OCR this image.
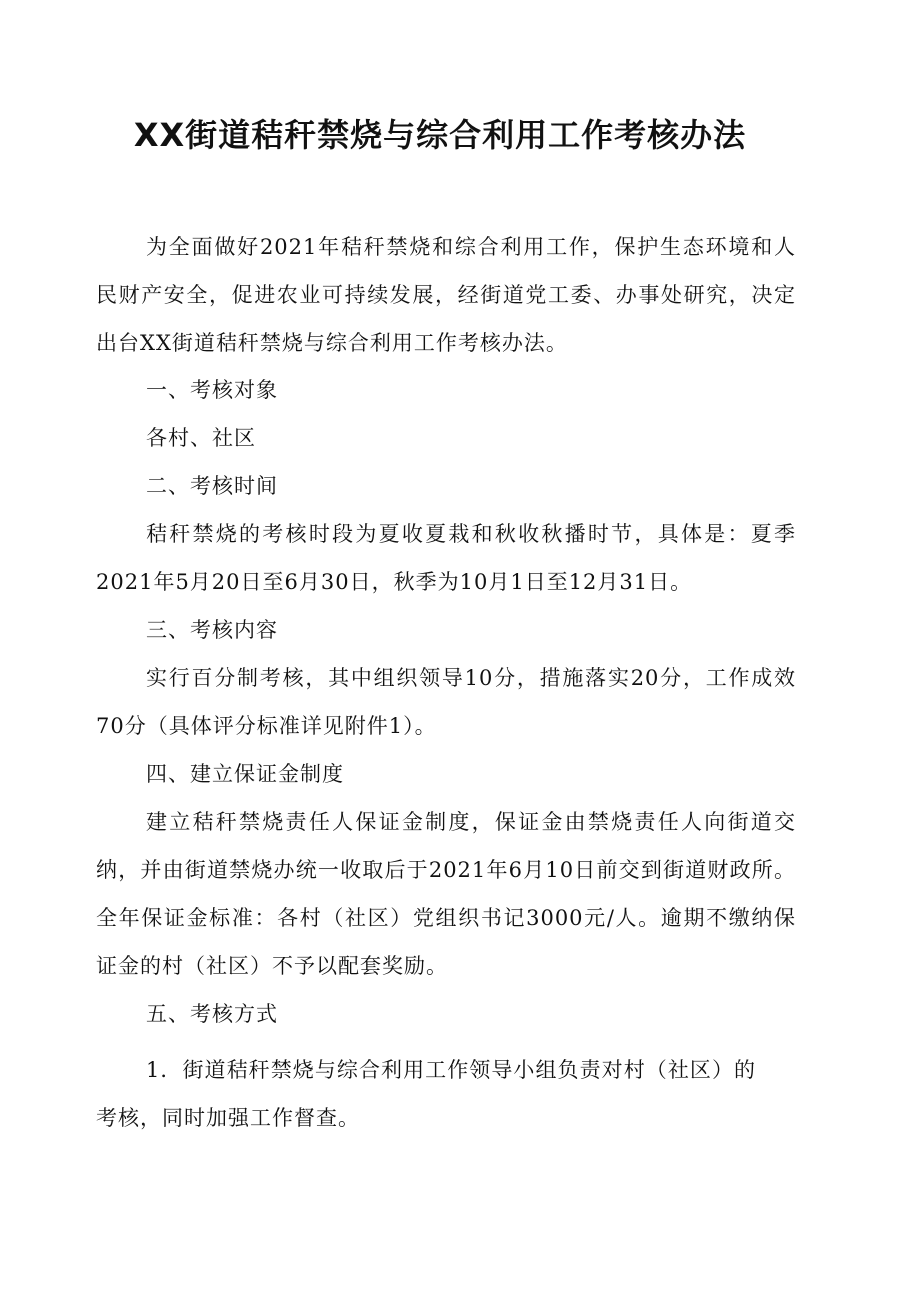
XX街道秸秆禁烧与综合利用工作考核办法

为全面做好2021年秸秆禁烧和综合利用工作，保护生态环境和人民财产安全，促进农业可持续发展，经街道党工委、办事处研究，决定出台XX街道秸秆禁烧与综合利用工作考核办法。

一、考核对象

各村、社区

二、考核时间

秸秆禁烧的考核时段为夏收夏栽和秋收秋播时节，具体是：夏季2021年5月20日至6月30日，秋季为10月1日至12月31日。

三、考核内容

实行百分制考核，其中组织领导10分，措施落实20分，工作成效70分（具体评分标准详见附件1）。

四、建立保证金制度

建立秸秆禁烧责任人保证金制度，保证金由禁烧责任人向街道交纳，并由街道禁烧办统一收取后于2021年6月10日前交到街道财政所。全年保证金标准：各村（社区）党组织书记3000元/人。逾期不缴纳保证金的村（社区）不予以配套奖励。

五、考核方式

1．街道秸秆禁烧与综合利用工作领导小组负责对村（社区）的考核，同时加强工作督查。
